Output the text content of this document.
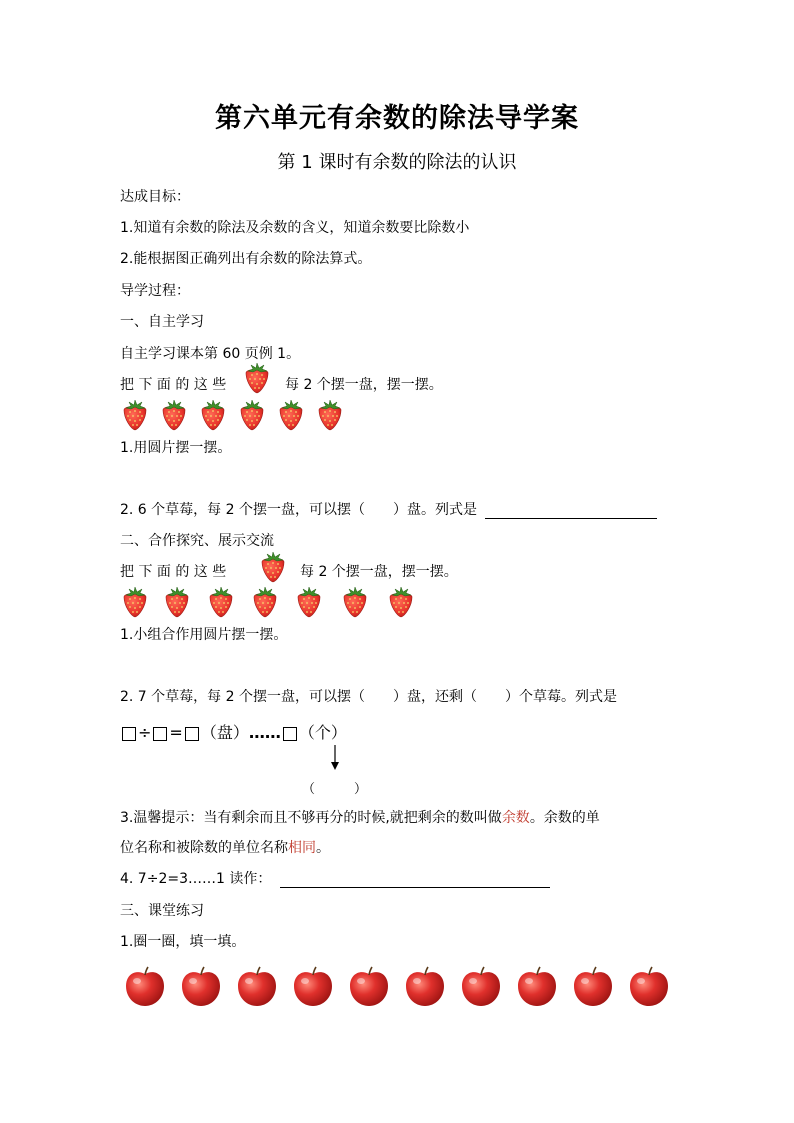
第六单元有余数的除法导学案
第 1 课时有余数的除法的认识
达成目标：
1.知道有余数的除法及余数的含义，知道余数要比除数小
2.能根据图正确列出有余数的除法算式。
导学过程：
一、自主学习
自主学习课本第 60 页例 1。
把 下 面 的 这 些	每 2 个摆一盘，摆一摆。
1.用圆片摆一摆。
2. 6 个草莓，每 2 个摆一盘，可以摆（　　）盘。列式是
二、合作探究、展示交流
把 下 面 的 这 些	每 2 个摆一盘，摆一摆。
1.小组合作用圆片摆一摆。
2. 7 个草莓，每 2 个摆一盘，可以摆（　　）盘，还剩（　　）个草莓。列式是
÷ = （盘）…… （个）
（　　　）
3.温馨提示：当有剩余而且不够再分的时候,就把剩余的数叫做余数。余数的单
位名称和被除数的单位名称相同。
4. 7÷2=3……1 读作：
三、课堂练习
1.圈一圈，填一填。
